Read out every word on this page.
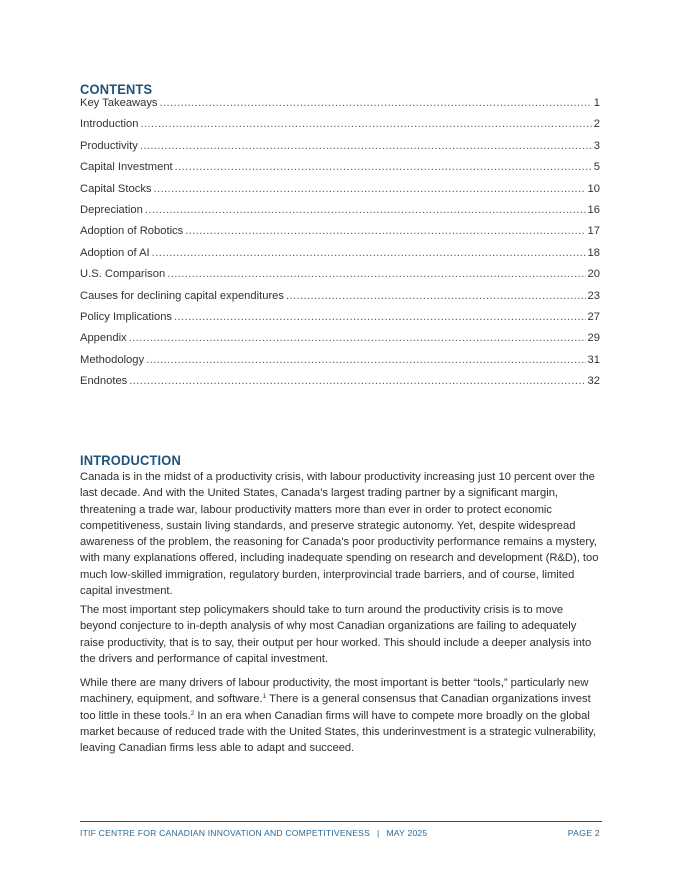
CONTENTS
Key Takeaways .....	1
Introduction .....	2
Productivity .....	3
Capital Investment .....	5
Capital Stocks .....	10
Depreciation .....	16
Adoption of Robotics .....	17
Adoption of AI .....	18
U.S. Comparison .....	20
Causes for declining capital expenditures .....	23
Policy Implications .....	27
Appendix .....	29
Methodology .....	31
Endnotes .....	32
INTRODUCTION

Canada is in the midst of a productivity crisis, with labour productivity increasing just 10 percent over the last decade. And with the United States, Canada’s largest trading partner by a significant margin, threatening a trade war, labour productivity matters more than ever in order to protect economic competitiveness, sustain living standards, and preserve strategic autonomy. Yet, despite widespread awareness of the problem, the reasoning for Canada’s poor productivity performance remains a mystery, with many explanations offered, including inadequate spending on research and development (R&D), too much low-skilled immigration, regulatory burden, interprovincial trade barriers, and of course, limited capital investment.

The most important step policymakers should take to turn around the productivity crisis is to move beyond conjecture to in-depth analysis of why most Canadian organizations are failing to adequately raise productivity, that is to say, their output per hour worked. This should include a deeper analysis into the drivers and performance of capital investment.

While there are many drivers of labour productivity, the most important is better “tools,” particularly new machinery, equipment, and software.$^1$ There is a general consensus that Canadian organizations invest too little in these tools.$^2$ In an era when Canadian firms will have to compete more broadly on the global market because of reduced trade with the United States, this underinvestment is a strategic vulnerability, leaving Canadian firms less able to adapt and succeed.

ITIF CENTRE FOR CANADIAN INNOVATION AND COMPETITIVENESS | MAY 2025	PAGE 2
